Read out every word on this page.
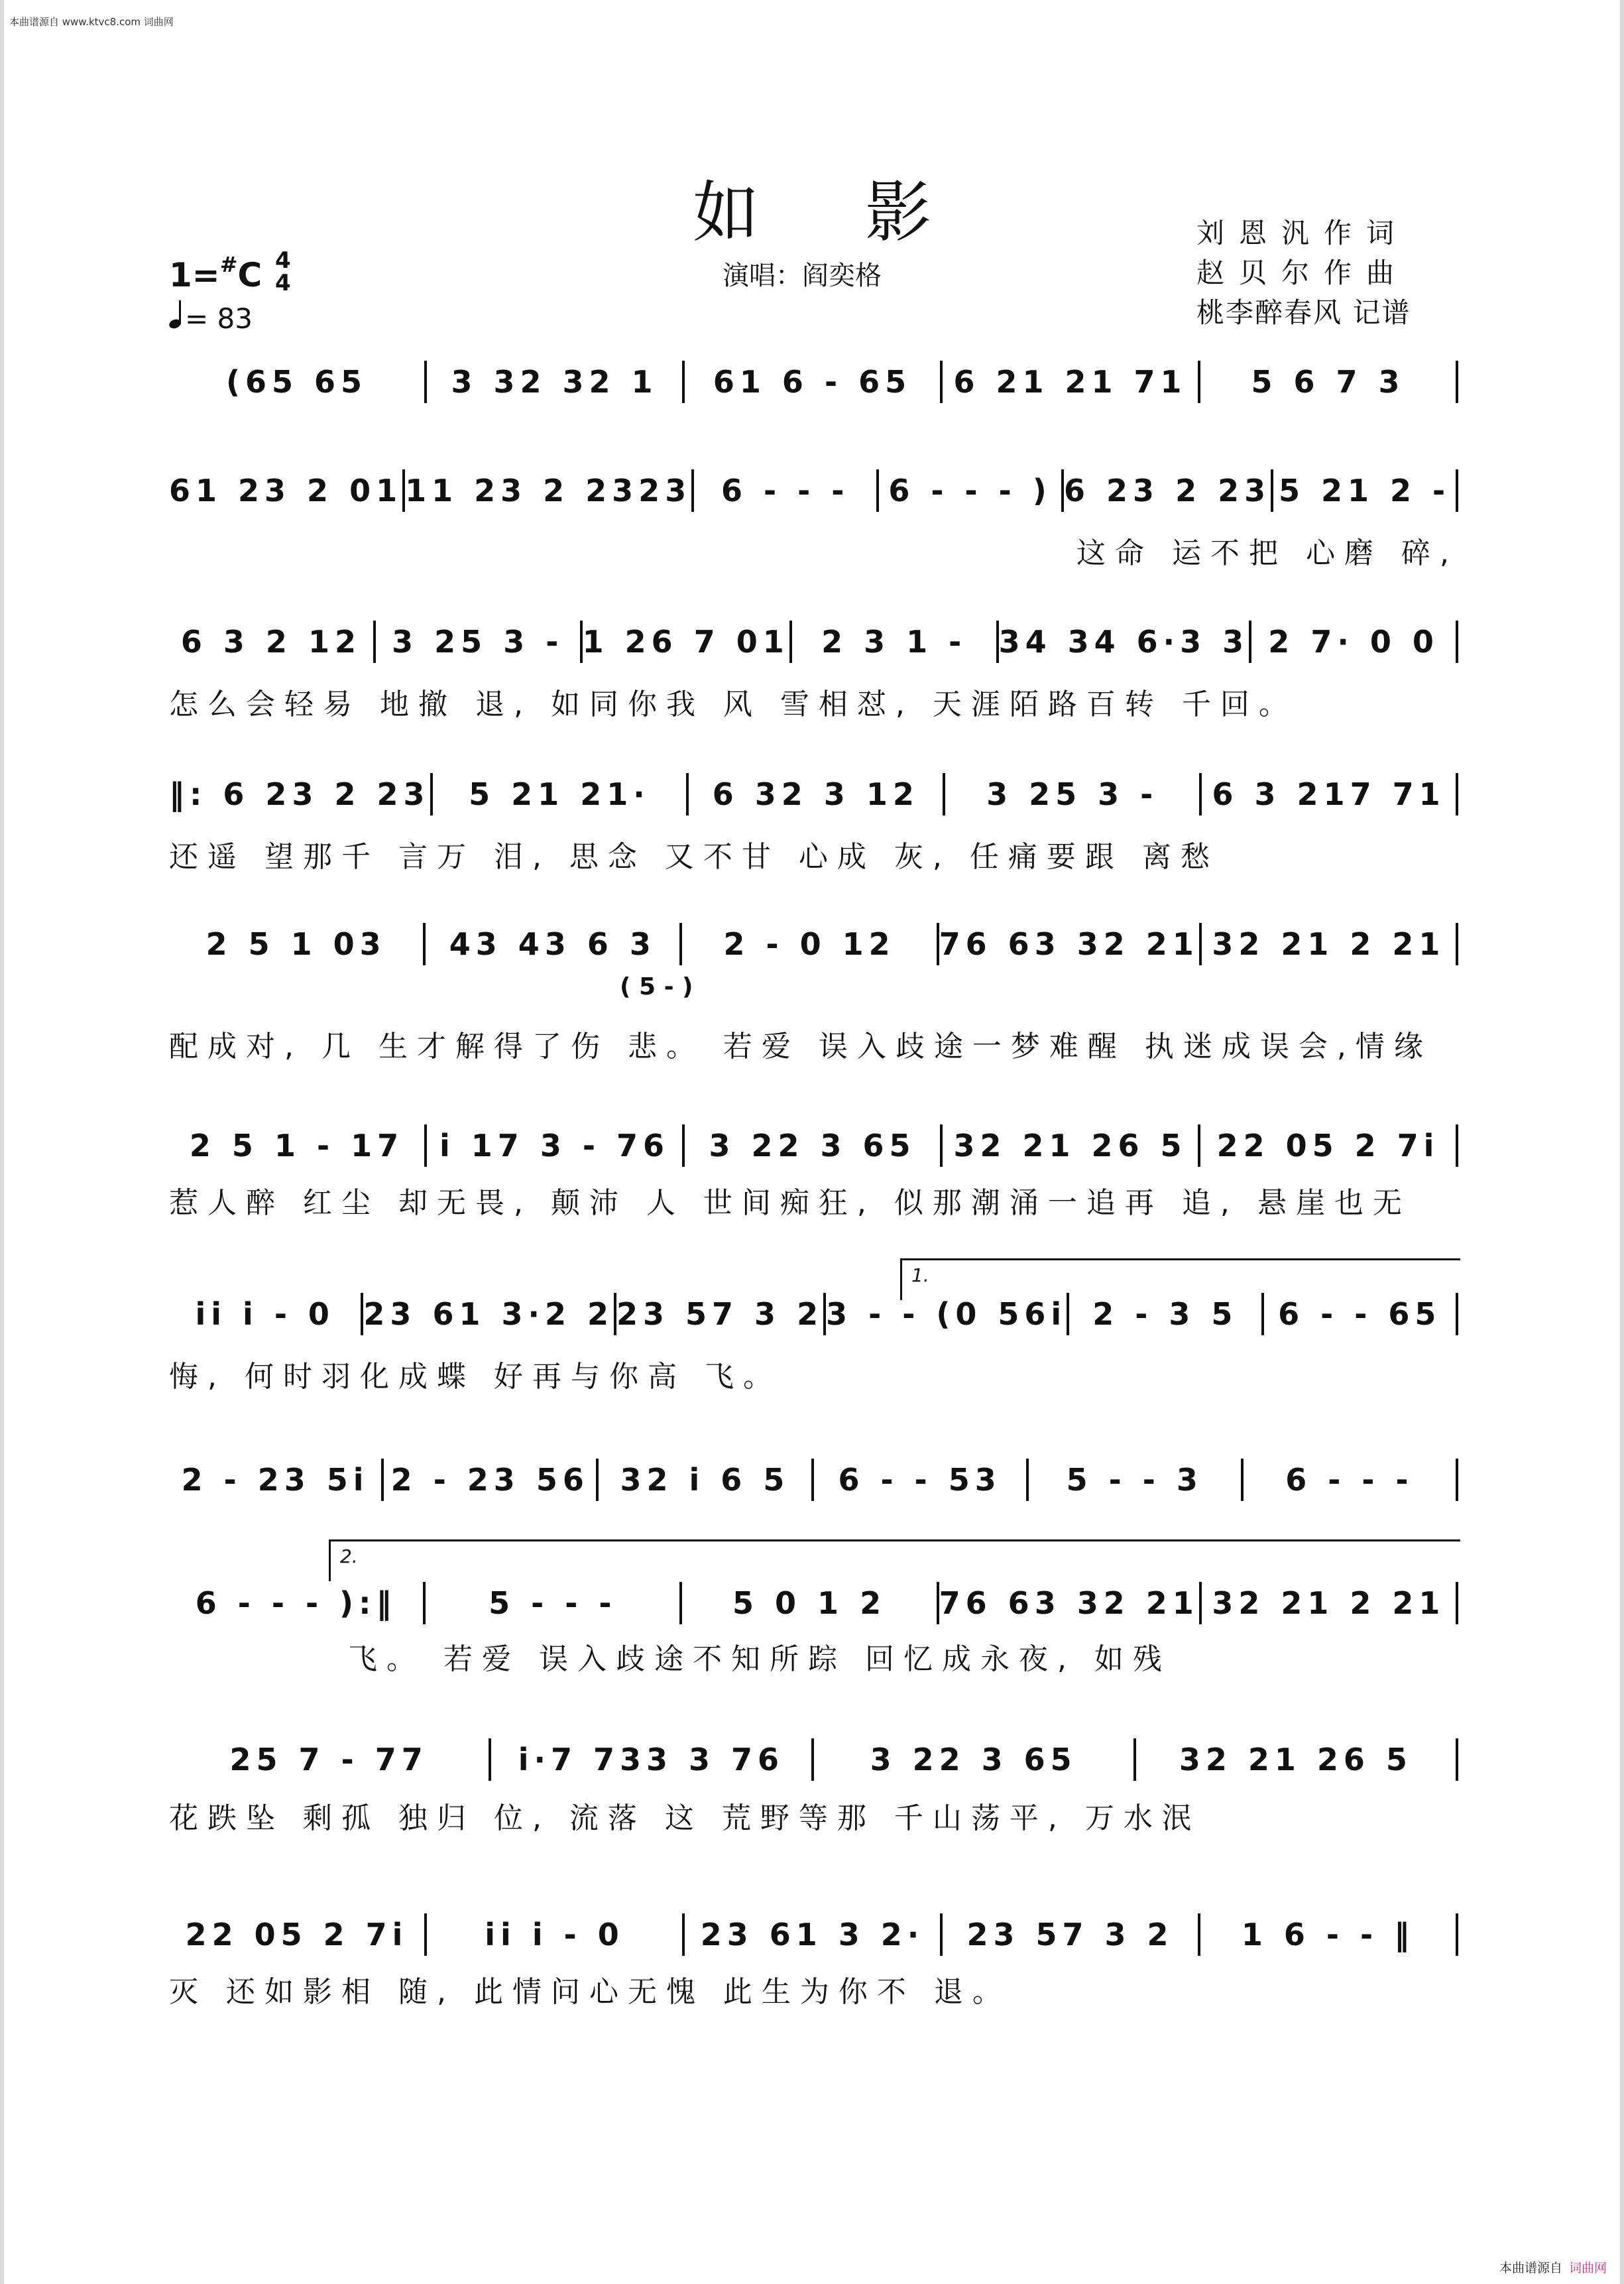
本曲谱源自 www.ktvc8.com 词曲网
如影
演唱：阎奕格
刘恩汎作词
赵贝尔作曲
桃李醉春风 记谱
1=#C 4
4
= 83
(65 65	3 32 32 1	61 6 - 65	6 21 21 71	5 6 7 3
61 23 2 01 11 23 2 2323 6 - - -	6 - - - ) 6 23 2 23 5 21 2 -
这命 运不把 心磨 碎,
6 3 2 12	3 25 3 - 1 26 7 01	2 3 1 -	34 34 6·3 3 2 7· 0 0
怎么会轻易 地撤 退, 如同你我 风 雪相怼, 天涯陌路百转 千回。
‖: 6 23 2 23	5 21 21·	6 32 3 12	3 25 3 -	6 3 217 71
还遥 望那千 言万 泪, 思念 又不甘 心成 灰, 任痛要跟 离愁
2 5 1 03	43 43 6 3	2 - 0 12	76 63 32 21 32 21 2 21
( 5 - )
配成对, 几 生才解得了伤 悲。 若爱 误入歧途一梦难醒 执迷成误会,情缘
2 5 1 - 17	i 17 3 - 76	3 22 3 65	32 21 26 5 22 05 2 7i
惹人醉 红尘 却无畏, 颠沛 人 世间痴狂, 似那潮涌一追再 追, 悬崖也无
1.
ii i - 0 23 61 3·2 2 23 57 3 2 3 - - (0 56i 2 - 3 5	6 - - 65
悔, 何时羽化成蝶 好再与你高 飞。
2 - 23 5i 2 - 23 56	32 i 6 5	6 - - 53	5 - - 3	6 - - -
2.
6 - - - ):‖	5 - - -	5 0 1 2	76 63 32 21 32 21 2 21
飞。 若爱 误入歧途不知所踪 回忆成永夜, 如残
25 7 - 77	i·7 733 3 76	3 22 3 65	32 21 26 5
花跌坠 剩孤 独归 位, 流落 这 荒野等那 千山荡平, 万水泯
22 05 2 7i	ii i - 0	23 61 3 2·	23 57 3 2	1 6 - - ‖
灭 还如影相 随, 此情问心无愧 此生为你不 退。
本曲谱源自 词曲网
